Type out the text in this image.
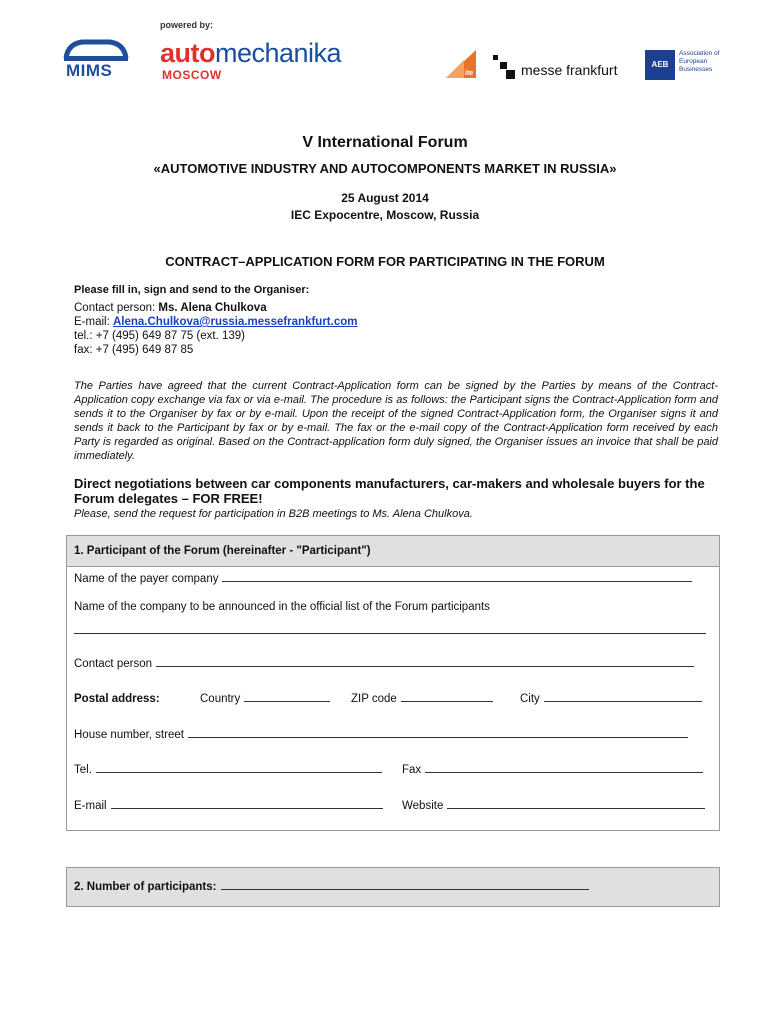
powered by:
MIMS
automechanika
MOSCOW	ite	messe frankfurt	AEB
Association of European Businesses
V International Forum
«AUTOMOTIVE INDUSTRY AND AUTOCOMPONENTS MARKET IN RUSSIA»
25 August 2014
IEC Expocentre, Moscow, Russia
CONTRACT–APPLICATION FORM FOR PARTICIPATING IN THE FORUM
Please fill in, sign and send to the Organiser:
Contact person: Ms. Alena Chulkova
E-mail: Alena.Chulkova@russia.messefrankfurt.com
tel.: +7 (495) 649 87 75 (ext. 139)
fax: +7 (495) 649 87 85
The Parties have agreed that the current Contract-Application form can be signed by the Parties by means of the Contract-Application copy exchange via fax or via e-mail. The procedure is as follows: the Participant signs the Contract-Application form and sends it to the Organiser by fax or by e-mail. Upon the receipt of the signed Contract-Application form, the Organiser signs it and sends it back to the Participant by fax or by e-mail. The fax or the e-mail copy of the Contract-Application form received by each Party is regarded as original. Based on the Contract-application form duly signed, the Organiser issues an invoice that shall be paid immediately.
Direct negotiations between car components manufacturers, car-makers and wholesale buyers for the Forum delegates – FOR FREE!
Please, send the request for participation in B2B meetings to Ms. Alena Chulkova.
1. Participant of the Forum (hereinafter - "Participant")
Name of the payer company
Name of the company to be announced in the official list of the Forum participants
Contact person
Postal address:	Country	ZIP code	City
House number, street
Tel.	Fax
E-mail	Website
2. Number of participants:
